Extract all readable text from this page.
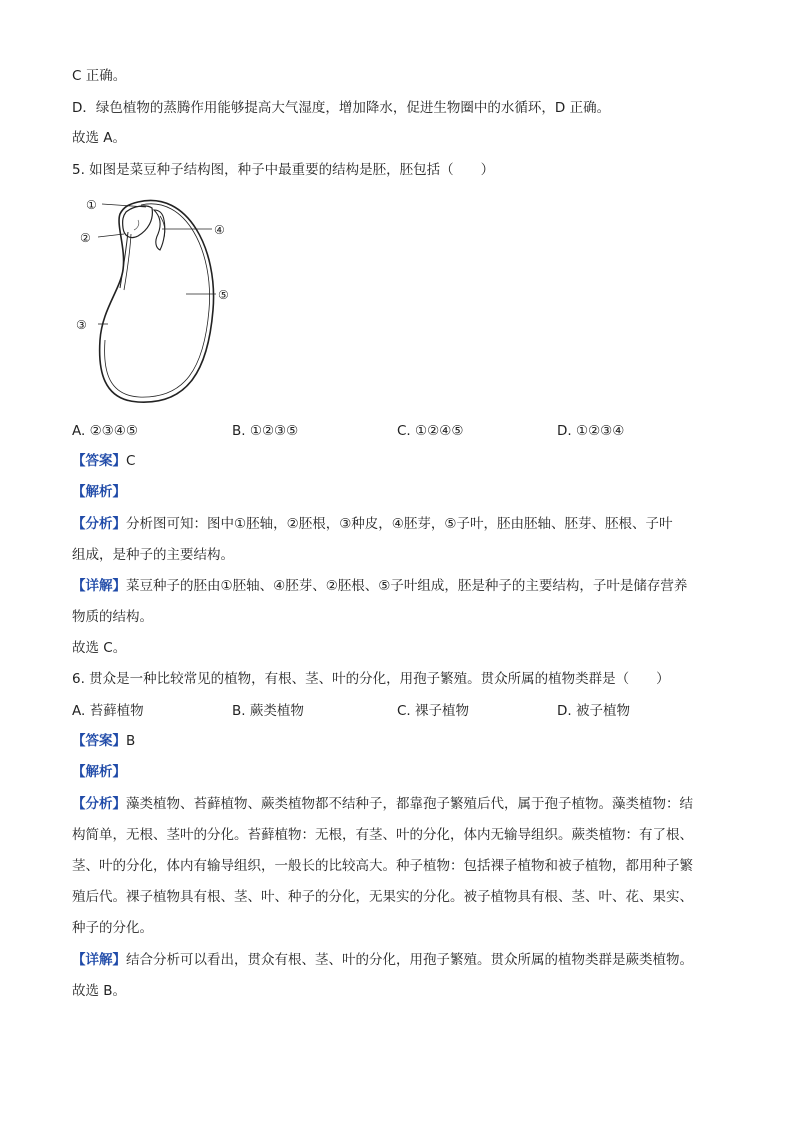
C 正确。
D．绿色植物的蒸腾作用能够提高大气湿度，增加降水，促进生物圈中的水循环，D 正确。
故选 A。
5. 如图是菜豆种子结构图，种子中最重要的结构是胚，胚包括（　　）
①
②
③
④
⑤
A. ②③④⑤	B. ①②③⑤	C. ①②④⑤	D. ①②③④
【答案】C
【解析】
【分析】分析图可知：图中①胚轴，②胚根，③种皮，④胚芽，⑤子叶，胚由胚轴、胚芽、胚根、子叶
组成，是种子的主要结构。
【详解】菜豆种子的胚由①胚轴、④胚芽、②胚根、⑤子叶组成，胚是种子的主要结构，子叶是储存营养
物质的结构。
故选 C。
6. 贯众是一种比较常见的植物，有根、茎、叶的分化，用孢子繁殖。贯众所属的植物类群是（　　）
A. 苔藓植物	B. 蕨类植物	C. 裸子植物	D. 被子植物
【答案】B
【解析】
【分析】藻类植物、苔藓植物、蕨类植物都不结种子，都靠孢子繁殖后代，属于孢子植物。藻类植物：结
构简单，无根、茎叶的分化。苔藓植物：无根，有茎、叶的分化，体内无输导组织。蕨类植物：有了根、
茎、叶的分化，体内有输导组织，一般长的比较高大。种子植物：包括裸子植物和被子植物，都用种子繁
殖后代。裸子植物具有根、茎、叶、种子的分化，无果实的分化。被子植物具有根、茎、叶、花、果实、
种子的分化。
【详解】结合分析可以看出，贯众有根、茎、叶的分化，用孢子繁殖。贯众所属的植物类群是蕨类植物。
故选 B。
